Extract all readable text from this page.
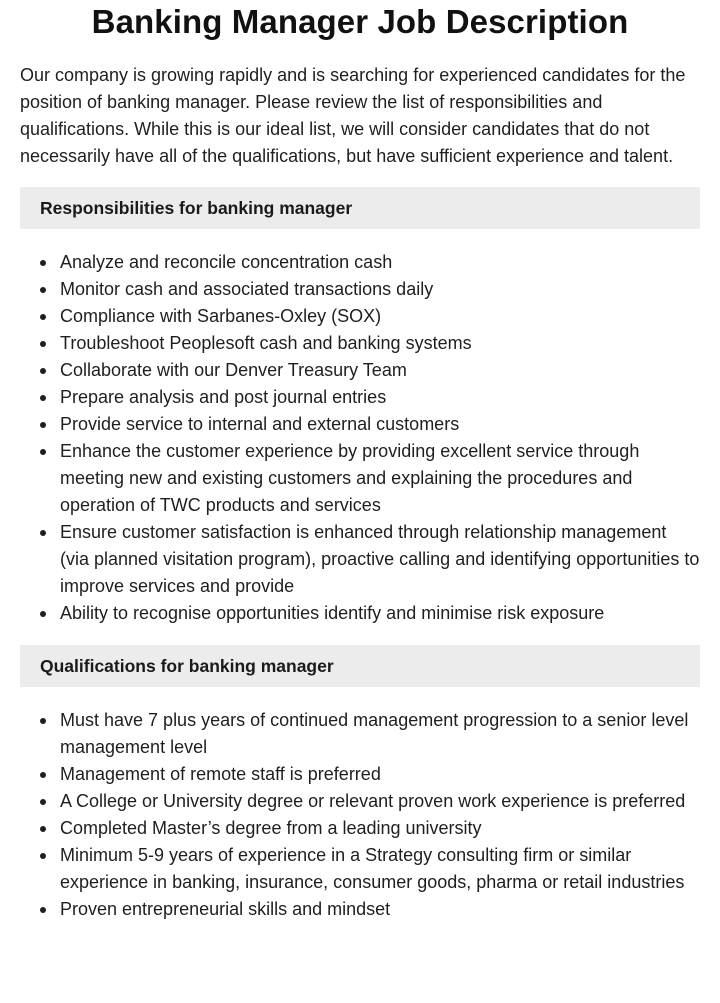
Banking Manager Job Description

Our company is growing rapidly and is searching for experienced candidates for the position of banking manager. Please review the list of responsibilities and qualifications. While this is our ideal list, we will consider candidates that do not necessarily have all of the qualifications, but have sufficient experience and talent.

Responsibilities for banking manager
Analyze and reconcile concentration cash
Monitor cash and associated transactions daily
Compliance with Sarbanes-Oxley (SOX)
Troubleshoot Peoplesoft cash and banking systems
Collaborate with our Denver Treasury Team
Prepare analysis and post journal entries
Provide service to internal and external customers
Enhance the customer experience by providing excellent service through meeting new and existing customers and explaining the procedures and operation of TWC products and services
Ensure customer satisfaction is enhanced through relationship management (via planned visitation program), proactive calling and identifying opportunities to improve services and provide
Ability to recognise opportunities identify and minimise risk exposure
Qualifications for banking manager
Must have 7 plus years of continued management progression to a senior level management level
Management of remote staff is preferred
A College or University degree or relevant proven work experience is preferred
Completed Master’s degree from a leading university
Minimum 5-9 years of experience in a Strategy consulting firm or similar experience in banking, insurance, consumer goods, pharma or retail industries
Proven entrepreneurial skills and mindset
